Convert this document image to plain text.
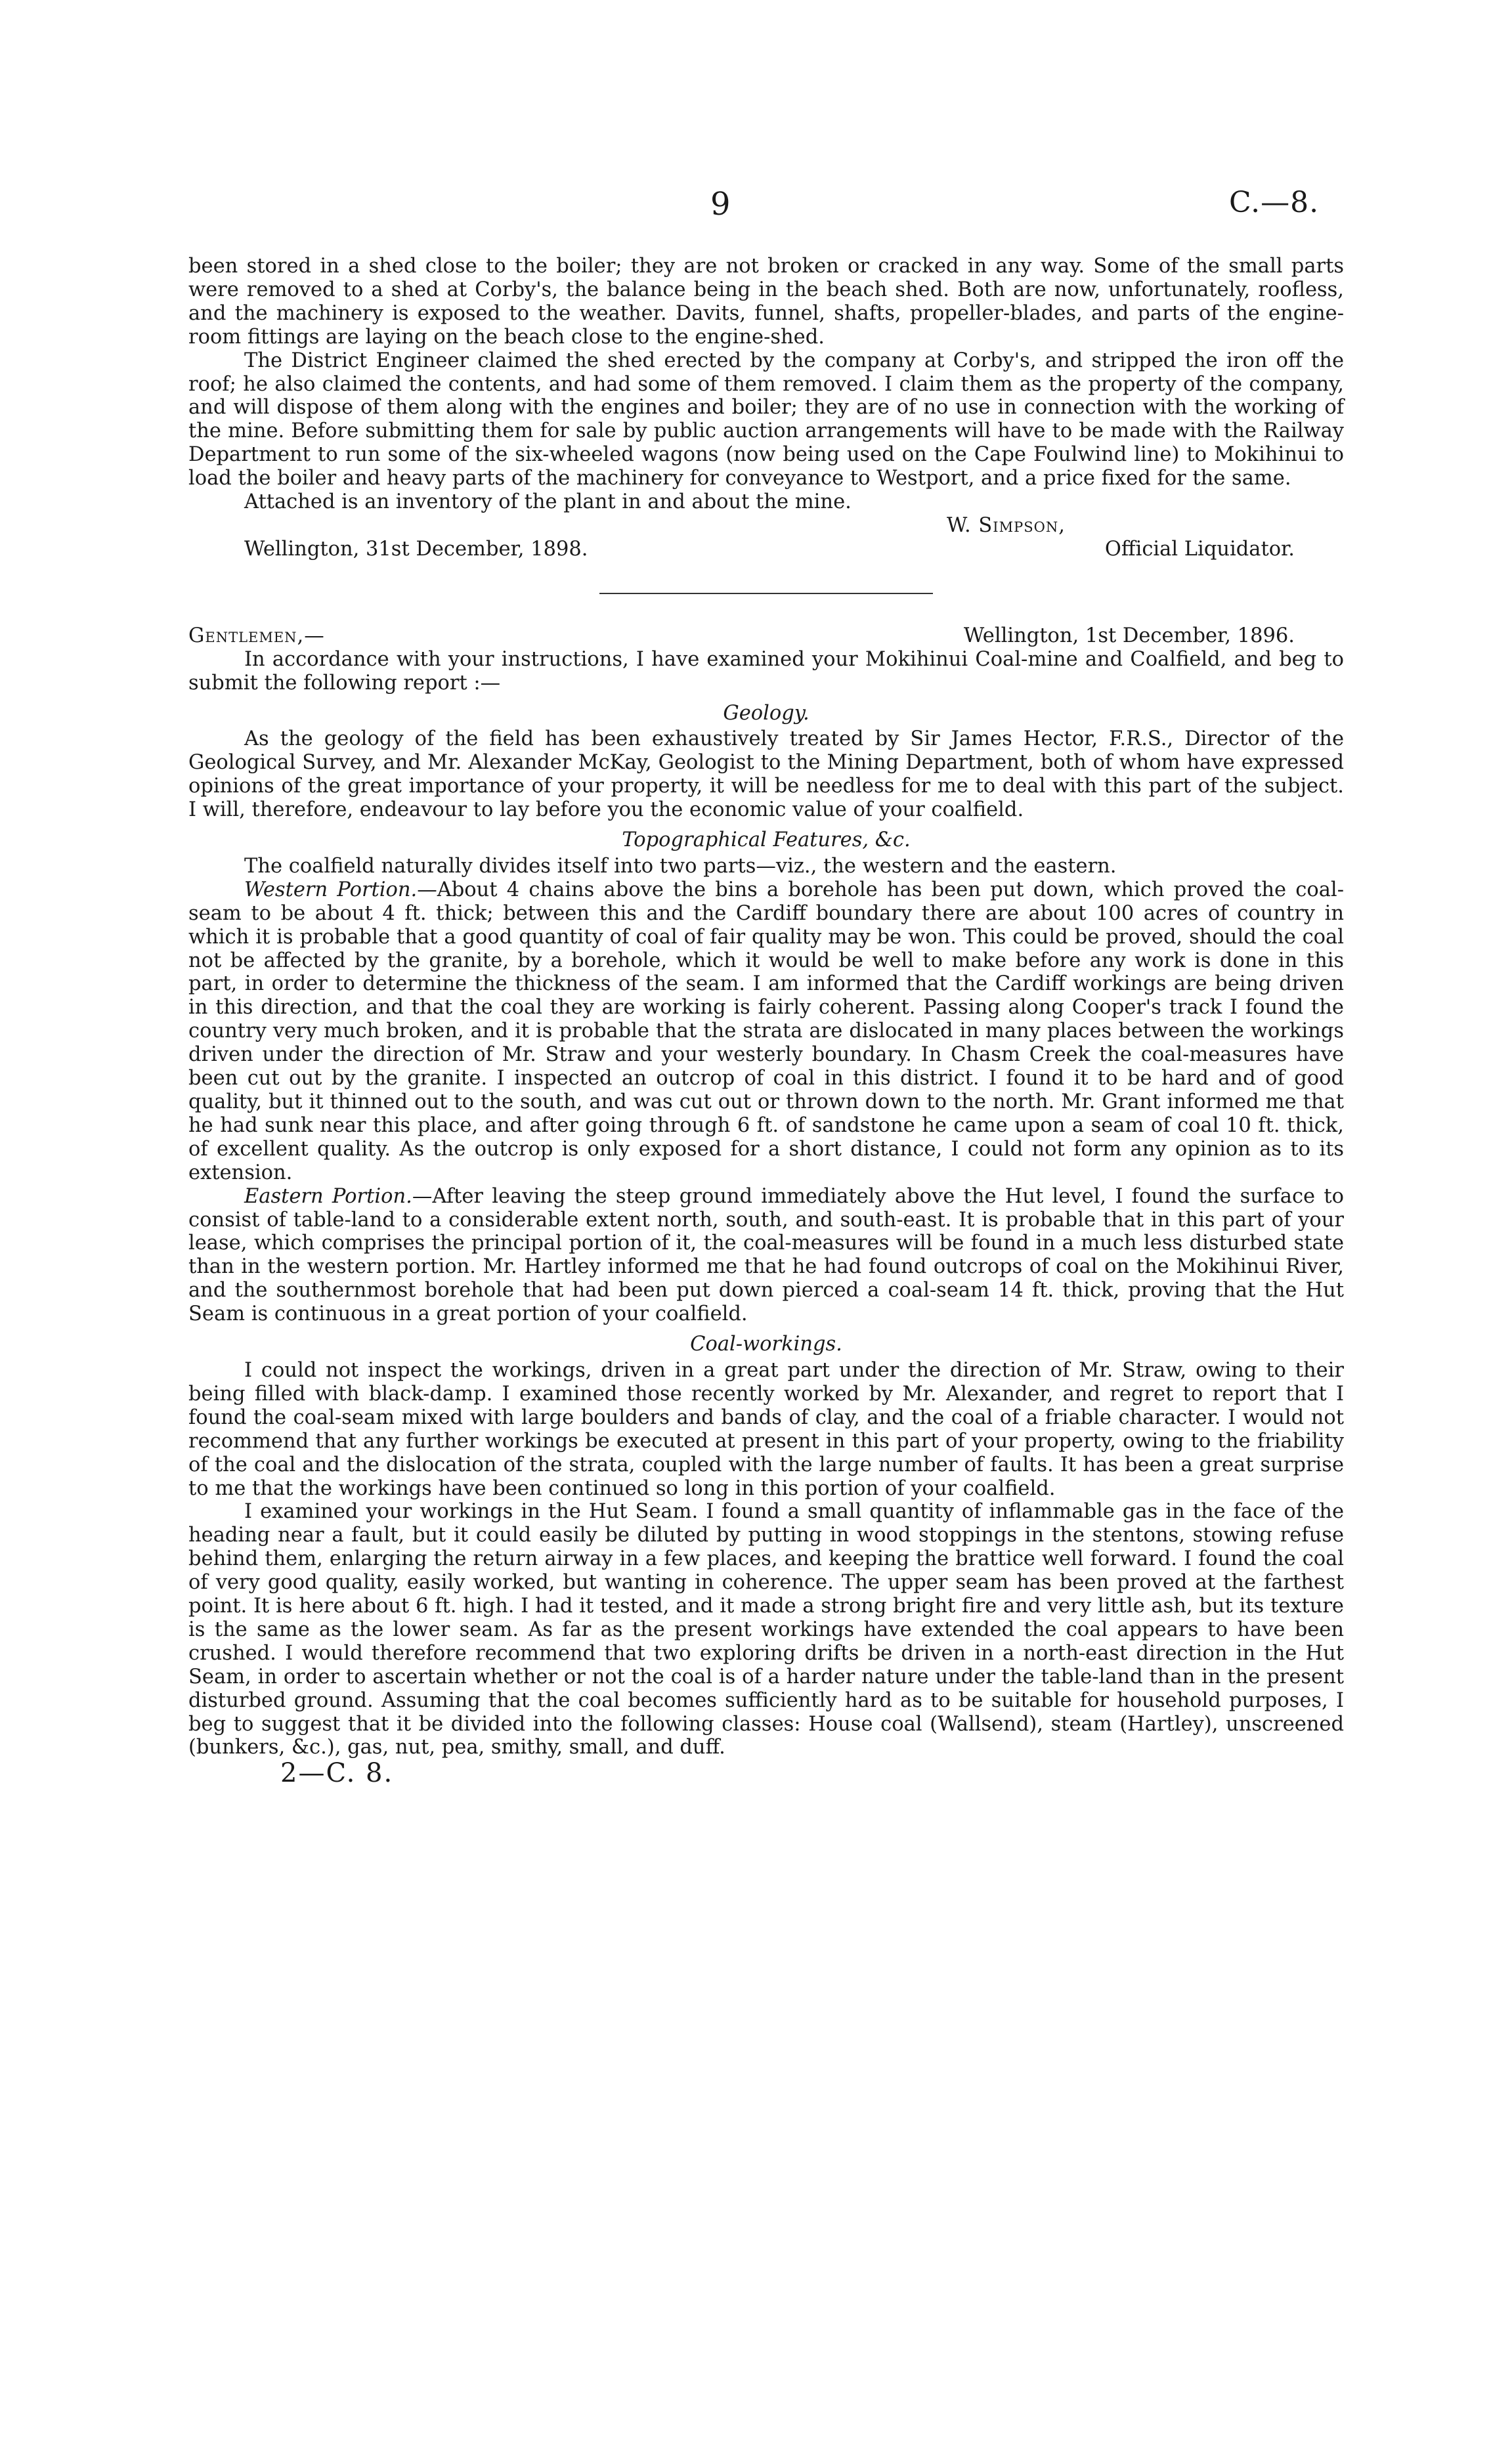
9	C.—8.

been stored in a shed close to the boiler; they are not broken or cracked in any way. Some of the small parts were removed to a shed at Corby's, the balance being in the beach shed. Both are now, unfortunately, roofless, and the machinery is exposed to the weather. Davits, funnel, shafts, propeller-blades, and parts of the engine-room fittings are laying on the beach close to the engine-shed.

The District Engineer claimed the shed erected by the company at Corby's, and stripped the iron off the roof; he also claimed the contents, and had some of them removed. I claim them as the property of the company, and will dispose of them along with the engines and boiler; they are of no use in connection with the working of the mine. Before submitting them for sale by public auction arrangements will have to be made with the Railway Department to run some of the six-wheeled wagons (now being used on the Cape Foulwind line) to Mokihinui to load the boiler and heavy parts of the machinery for conveyance to Westport, and a price fixed for the same.

Attached is an inventory of the plant in and about the mine.

W. Simpson,
Wellington, 31st December, 1898.	Official Liquidator.
Gentlemen,—	Wellington, 1st December, 1896.

In accordance with your instructions, I have examined your Mokihinui Coal-mine and Coalfield, and beg to submit the following report :—

Geology.

As the geology of the field has been exhaustively treated by Sir James Hector, F.R.S., Director of the Geological Survey, and Mr. Alexander McKay, Geologist to the Mining Department, both of whom have expressed opinions of the great importance of your property, it will be needless for me to deal with this part of the subject. I will, therefore, endeavour to lay before you the economic value of your coalfield.

Topographical Features, &c.

The coalfield naturally divides itself into two parts—viz., the western and the eastern.

Western Portion.—About 4 chains above the bins a borehole has been put down, which proved the coal-seam to be about 4 ft. thick; between this and the Cardiff boundary there are about 100 acres of country in which it is probable that a good quantity of coal of fair quality may be won. This could be proved, should the coal not be affected by the granite, by a borehole, which it would be well to make before any work is done in this part, in order to determine the thickness of the seam. I am informed that the Cardiff workings are being driven in this direction, and that the coal they are working is fairly coherent. Passing along Cooper's track I found the country very much broken, and it is probable that the strata are dislocated in many places between the workings driven under the direction of Mr. Straw and your westerly boundary. In Chasm Creek the coal-measures have been cut out by the granite. I inspected an outcrop of coal in this district. I found it to be hard and of good quality, but it thinned out to the south, and was cut out or thrown down to the north. Mr. Grant informed me that he had sunk near this place, and after going through 6 ft. of sandstone he came upon a seam of coal 10 ft. thick, of excellent quality. As the outcrop is only exposed for a short distance, I could not form any opinion as to its extension.

Eastern Portion.—After leaving the steep ground immediately above the Hut level, I found the surface to consist of table-land to a considerable extent north, south, and south-east. It is probable that in this part of your lease, which comprises the principal portion of it, the coal-measures will be found in a much less disturbed state than in the western portion. Mr. Hartley informed me that he had found outcrops of coal on the Mokihinui River, and the southernmost borehole that had been put down pierced a coal-seam 14 ft. thick, proving that the Hut Seam is continuous in a great portion of your coalfield.

Coal-workings.

I could not inspect the workings, driven in a great part under the direction of Mr. Straw, owing to their being filled with black-damp. I examined those recently worked by Mr. Alexander, and regret to report that I found the coal-seam mixed with large boulders and bands of clay, and the coal of a friable character. I would not recommend that any further workings be executed at present in this part of your property, owing to the friability of the coal and the dislocation of the strata, coupled with the large number of faults. It has been a great surprise to me that the workings have been continued so long in this portion of your coalfield.

I examined your workings in the Hut Seam. I found a small quantity of inflammable gas in the face of the heading near a fault, but it could easily be diluted by putting in wood stoppings in the stentons, stowing refuse behind them, enlarging the return airway in a few places, and keeping the brattice well forward. I found the coal of very good quality, easily worked, but wanting in coherence. The upper seam has been proved at the farthest point. It is here about 6 ft. high. I had it tested, and it made a strong bright fire and very little ash, but its texture is the same as the lower seam. As far as the present workings have extended the coal appears to have been crushed. I would therefore recommend that two exploring drifts be driven in a north-east direction in the Hut Seam, in order to ascertain whether or not the coal is of a harder nature under the table-land than in the present disturbed ground. Assuming that the coal becomes sufficiently hard as to be suitable for household purposes, I beg to suggest that it be divided into the following classes: House coal (Wallsend), steam (Hartley), unscreened (bunkers, &c.), gas, nut, pea, smithy, small, and duff.

2—C. 8.
